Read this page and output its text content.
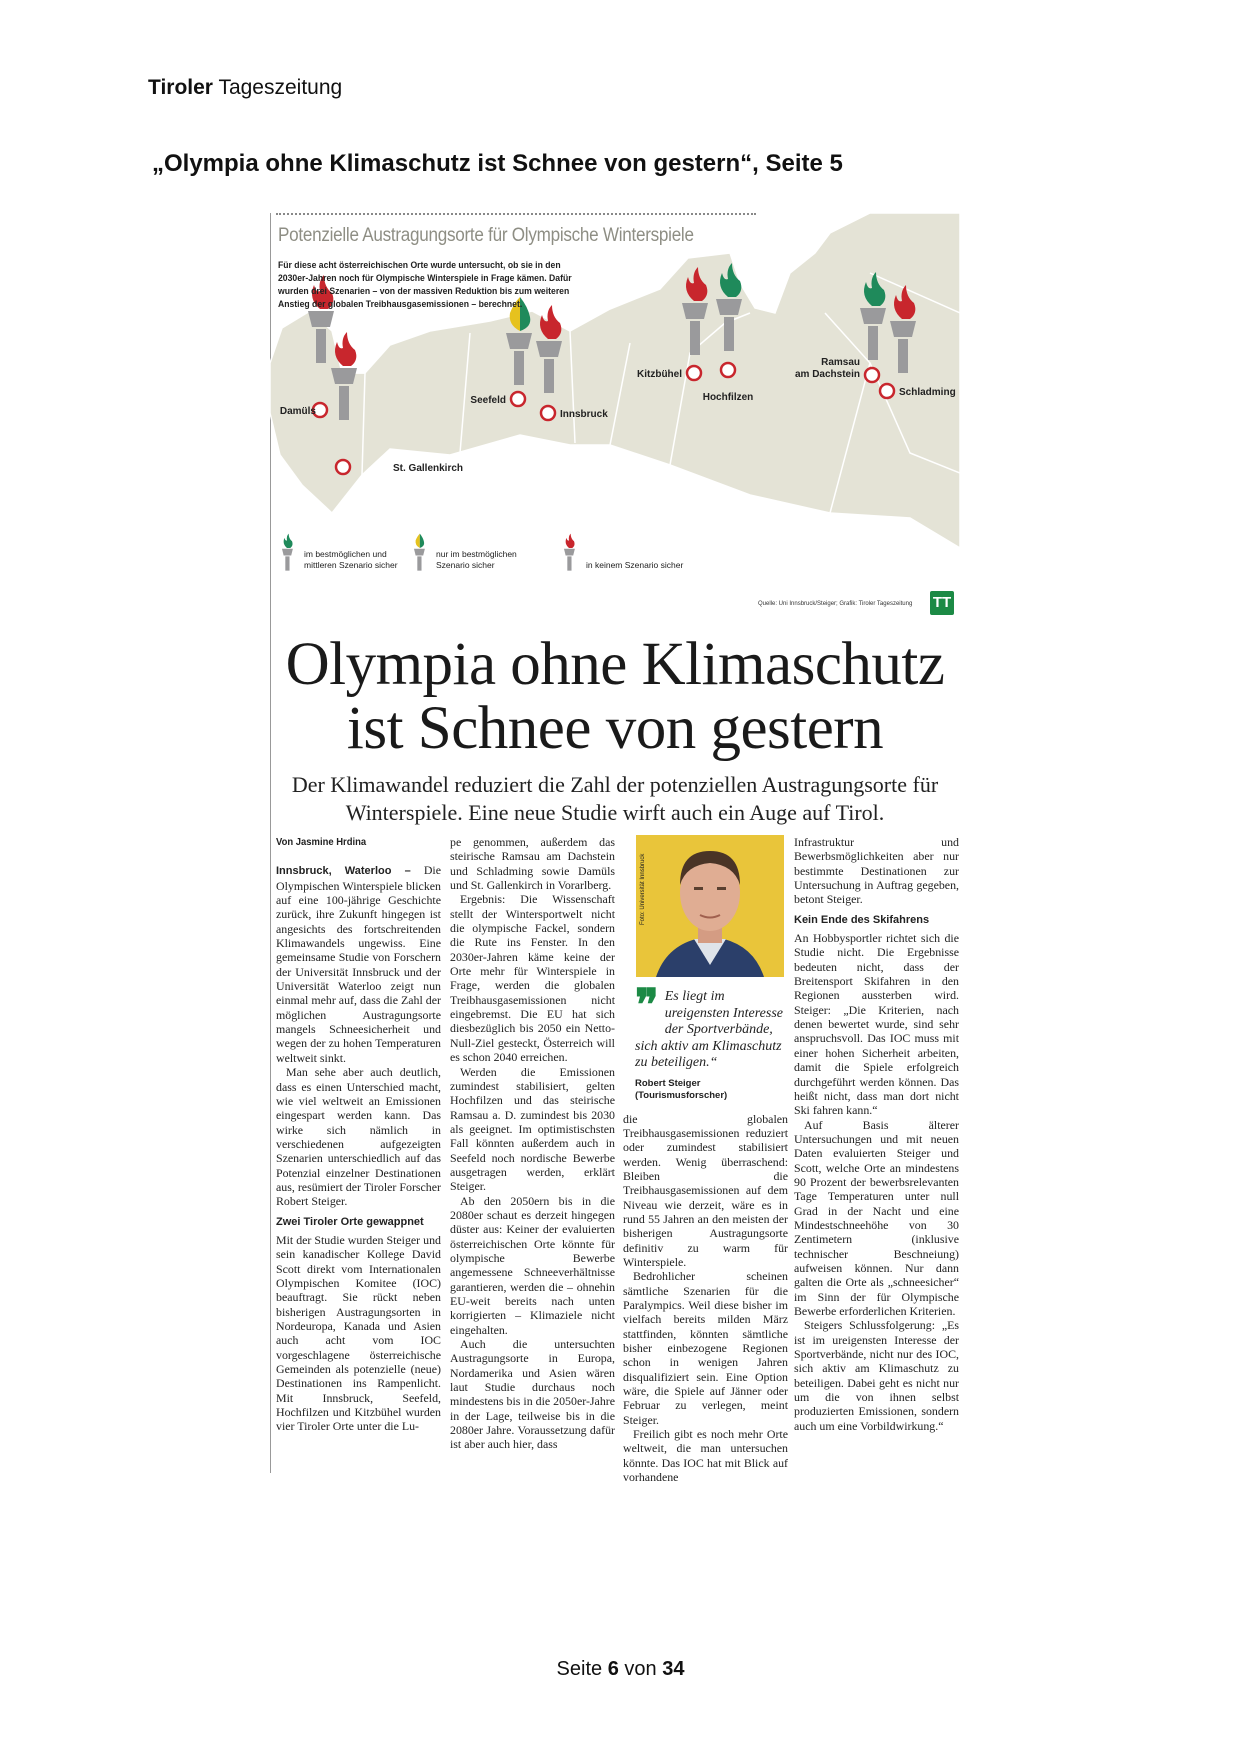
Tiroler Tageszeitung
„Olympia ohne Klimaschutz ist Schnee von gestern“, Seite 5
Damüls
St. Gallenkirch
Seefeld
Innsbruck
Kitzbühel
Hochfilzen
Ramsau am Dachstein
Schladming
Potenzielle Austragungsorte für Olympische Winterspiele
Für diese acht österreichischen Orte wurde untersucht, ob sie in den 2030er-Jahren noch für Olympische Winterspiele in Frage kämen. Dafür wurden drei Szenarien – von der massiven Reduktion bis zum weiteren Anstieg der globalen Treibhausgasemissionen – berechnet.
im bestmöglichen und mittleren Szenario sicher
nur im bestmöglichen Szenario sicher	in keinem Szenario sicher
Quelle: Uni Innsbruck/Steiger; Grafik: Tiroler Tageszeitung TT
Olympia ohne Klimaschutz
ist Schnee von gestern
Der Klimawandel reduziert die Zahl der potenziellen Austragungsorte für Winterspiele. Eine neue Studie wirft auch ein Auge auf Tirol.
Von Jasmine Hrdina

Innsbruck, Waterloo – Die Olympischen Winterspiele blicken auf eine 100-jährige Geschichte zurück, ihre Zukunft hingegen ist angesichts des fortschreitenden Klimawandels ungewiss. Eine gemeinsame Studie von Forschern der Universität Innsbruck und der Universität Waterloo zeigt nun einmal mehr auf, dass die Zahl der möglichen Austragungsorte mangels Schneesicherheit und wegen der zu hohen Temperaturen weltweit sinkt.

Man sehe aber auch deutlich, dass es einen Unterschied macht, wie viel weltweit an Emissionen eingespart werden kann. Das wirke sich nämlich in verschiedenen aufgezeigten Szenarien unterschiedlich auf das Potenzial einzelner Destinationen aus, resümiert der Tiroler Forscher Robert Steiger.

Zwei Tiroler Orte gewappnet

Mit der Studie wurden Steiger und sein kanadischer Kollege David Scott direkt vom Internationalen Olympischen Komitee (IOC) beauftragt. Sie rückt neben bisherigen Austragungsorten in Nordeuropa, Kanada und Asien auch acht vom IOC vorgeschlagene österreichische Gemeinden als potenzielle (neue) Destinationen ins Rampenlicht. Mit Innsbruck, Seefeld, Hochfilzen und Kitzbühel wurden vier Tiroler Orte unter die Lu-

pe genommen, außerdem das steirische Ramsau am Dachstein und Schladming sowie Damüls und St. Gallenkirch in Vorarlberg.

Ergebnis: Die Wissenschaft stellt der Wintersportwelt nicht die olympische Fackel, sondern die Rute ins Fenster. In den 2030er-Jahren käme keine der Orte mehr für Winterspiele in Frage, werden die globalen Treibhausgasemissionen nicht eingebremst. Die EU hat sich diesbezüglich bis 2050 ein Netto-Null-Ziel gesteckt, Österreich will es schon 2040 erreichen.

Werden die Emissionen zumindest stabilisiert, gelten Hochfilzen und das steirische Ramsau a. D. zumindest bis 2030 als geeignet. Im optimistischsten Fall könnten außerdem auch in Seefeld noch nordische Bewerbe ausgetragen werden, erklärt Steiger.

Ab den 2050ern bis in die 2080er schaut es derzeit hingegen düster aus: Keiner der evaluierten österreichischen Orte könnte für olympische Bewerbe angemessene Schneeverhältnisse garantieren, werden die – ohnehin EU-weit bereits nach unten korrigierten – Klimaziele nicht eingehalten.

Auch die untersuchten Austragungsorte in Europa, Nordamerika und Asien wären laut Studie durchaus noch mindestens bis in die 2050er-Jahre in der Lage, teilweise bis in die 2080er Jahre. Voraussetzung dafür ist aber auch hier, dass

Foto: Universität Innsbruck
❞ Es liegt im ureigensten Interesse der Sportverbände, sich aktiv am Klimaschutz zu beteiligen.“
Robert Steiger
(Tourismusforscher)

die globalen Treibhausgasemissionen reduziert oder zumindest stabilisiert werden. Wenig überraschend: Bleiben die Treibhausgasemissionen auf dem Niveau wie derzeit, wäre es in rund 55 Jahren an den meisten der bisherigen Austragungsorte definitiv zu warm für Winterspiele.

Bedrohlicher scheinen sämtliche Szenarien für die Paralympics. Weil diese bisher im vielfach bereits milden März stattfinden, könnten sämtliche bisher einbezogene Regionen schon in wenigen Jahren disqualifiziert sein. Eine Option wäre, die Spiele auf Jänner oder Februar zu verlegen, meint Steiger.

Freilich gibt es noch mehr Orte weltweit, die man untersuchen könnte. Das IOC hat mit Blick auf vorhandene

Infrastruktur und Bewerbsmöglichkeiten aber nur bestimmte Destinationen zur Untersuchung in Auftrag gegeben, betont Steiger.

Kein Ende des Skifahrens

An Hobbysportler richtet sich die Studie nicht. Die Ergebnisse bedeuten nicht, dass der Breitensport Skifahren in den Regionen aussterben wird. Steiger: „Die Kriterien, nach denen bewertet wurde, sind sehr anspruchsvoll. Das IOC muss mit einer hohen Sicherheit arbeiten, damit die Spiele erfolgreich durchgeführt werden können. Das heißt nicht, dass man dort nicht Ski fahren kann.“

Auf Basis älterer Untersuchungen und mit neuen Daten evaluierten Steiger und Scott, welche Orte an mindestens 90 Prozent der bewerbsrelevanten Tage Temperaturen unter null Grad in der Nacht und eine Mindestschneehöhe von 30 Zentimetern (inklusive technischer Beschneiung) aufweisen können. Nur dann galten die Orte als „schneesicher“ im Sinn der für Olympische Bewerbe erforderlichen Kriterien.

Steigers Schlussfolgerung: „Es ist im ureigensten Interesse der Sportverbände, nicht nur des IOC, sich aktiv am Klimaschutz zu beteiligen. Dabei geht es nicht nur um die von ihnen selbst produzierten Emissionen, sondern auch um eine Vorbildwirkung.“

Seite 6 von 34
